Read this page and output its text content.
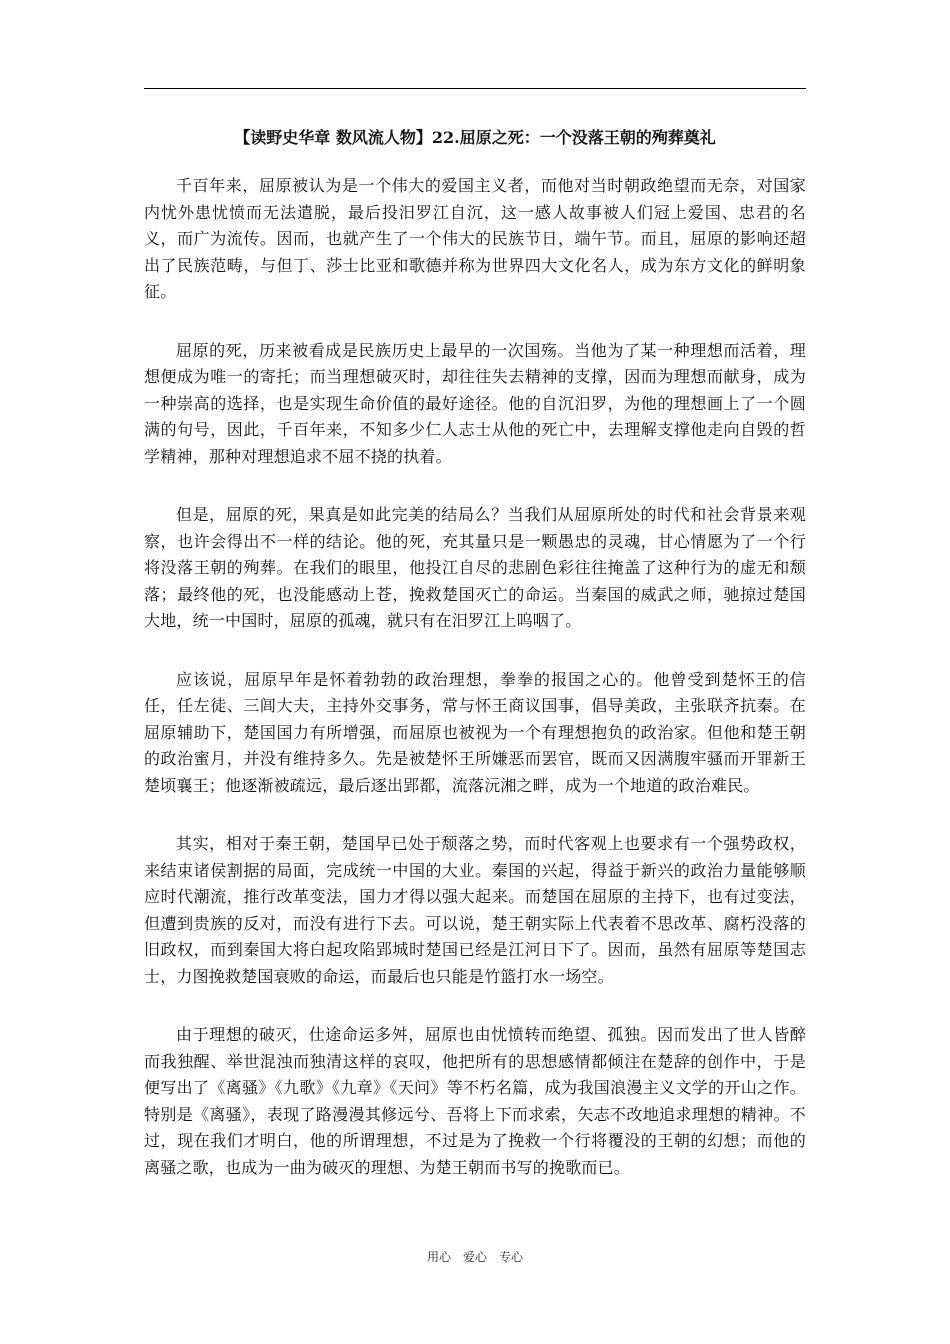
【读野史华章 数风流人物】22.屈原之死：一个没落王朝的殉葬奠礼

千百年来，屈原被认为是一个伟大的爱国主义者，而他对当时朝政绝望而无奈，对国家内忧外患忧愤而无法遣脱，最后投汨罗江自沉，这一感人故事被人们冠上爱国、忠君的名义，而广为流传。因而，也就产生了一个伟大的民族节日，端午节。而且，屈原的影响还超出了民族范畴，与但丁、莎士比亚和歌德并称为世界四大文化名人，成为东方文化的鲜明象征。

屈原的死，历来被看成是民族历史上最早的一次国殇。当他为了某一种理想而活着，理想便成为唯一的寄托；而当理想破灭时，却往往失去精神的支撑，因而为理想而献身，成为一种崇高的选择，也是实现生命价值的最好途径。他的自沉汨罗，为他的理想画上了一个圆满的句号，因此，千百年来，不知多少仁人志士从他的死亡中，去理解支撑他走向自毁的哲学精神，那种对理想追求不屈不挠的执着。

但是，屈原的死，果真是如此完美的结局么？当我们从屈原所处的时代和社会背景来观察，也许会得出不一样的结论。他的死，充其量只是一颗愚忠的灵魂，甘心情愿为了一个行将没落王朝的殉葬。在我们的眼里，他投江自尽的悲剧色彩往往掩盖了这种行为的虚无和颓落；最终他的死，也没能感动上苍，挽救楚国灭亡的命运。当秦国的威武之师，驰掠过楚国大地，统一中国时，屈原的孤魂，就只有在汨罗江上呜咽了。

应该说，屈原早年是怀着勃勃的政治理想，拳拳的报国之心的。他曾受到楚怀王的信任，任左徒、三闾大夫，主持外交事务，常与怀王商议国事，倡导美政，主张联齐抗秦。在屈原辅助下，楚国国力有所增强，而屈原也被视为一个有理想抱负的政治家。但他和楚王朝的政治蜜月，并没有维持多久。先是被楚怀王所嫌恶而罢官，既而又因满腹牢骚而开罪新王楚顷襄王；他逐渐被疏远，最后逐出郢都，流落沅湘之畔，成为一个地道的政治难民。

其实，相对于秦王朝，楚国早已处于颓落之势，而时代客观上也要求有一个强势政权，来结束诸侯割据的局面，完成统一中国的大业。秦国的兴起，得益于新兴的政治力量能够顺应时代潮流，推行改革变法，国力才得以强大起来。而楚国在屈原的主持下，也有过变法，但遭到贵族的反对，而没有进行下去。可以说，楚王朝实际上代表着不思改革、腐朽没落的旧政权，而到秦国大将白起攻陷郢城时楚国已经是江河日下了。因而，虽然有屈原等楚国志士，力图挽救楚国衰败的命运，而最后也只能是竹篮打水一场空。

由于理想的破灭，仕途命运多舛，屈原也由忧愤转而绝望、孤独。因而发出了世人皆醉而我独醒、举世混浊而独清这样的哀叹，他把所有的思想感情都倾注在楚辞的创作中，于是便写出了《离骚》《九歌》《九章》《天问》等不朽名篇，成为我国浪漫主义文学的开山之作。特别是《离骚》，表现了路漫漫其修远兮、吾将上下而求索，矢志不改地追求理想的精神。不过，现在我们才明白，他的所谓理想，不过是为了挽救一个行将覆没的王朝的幻想；而他的离骚之歌，也成为一曲为破灭的理想、为楚王朝而书写的挽歌而已。

用心　爱心　专心
